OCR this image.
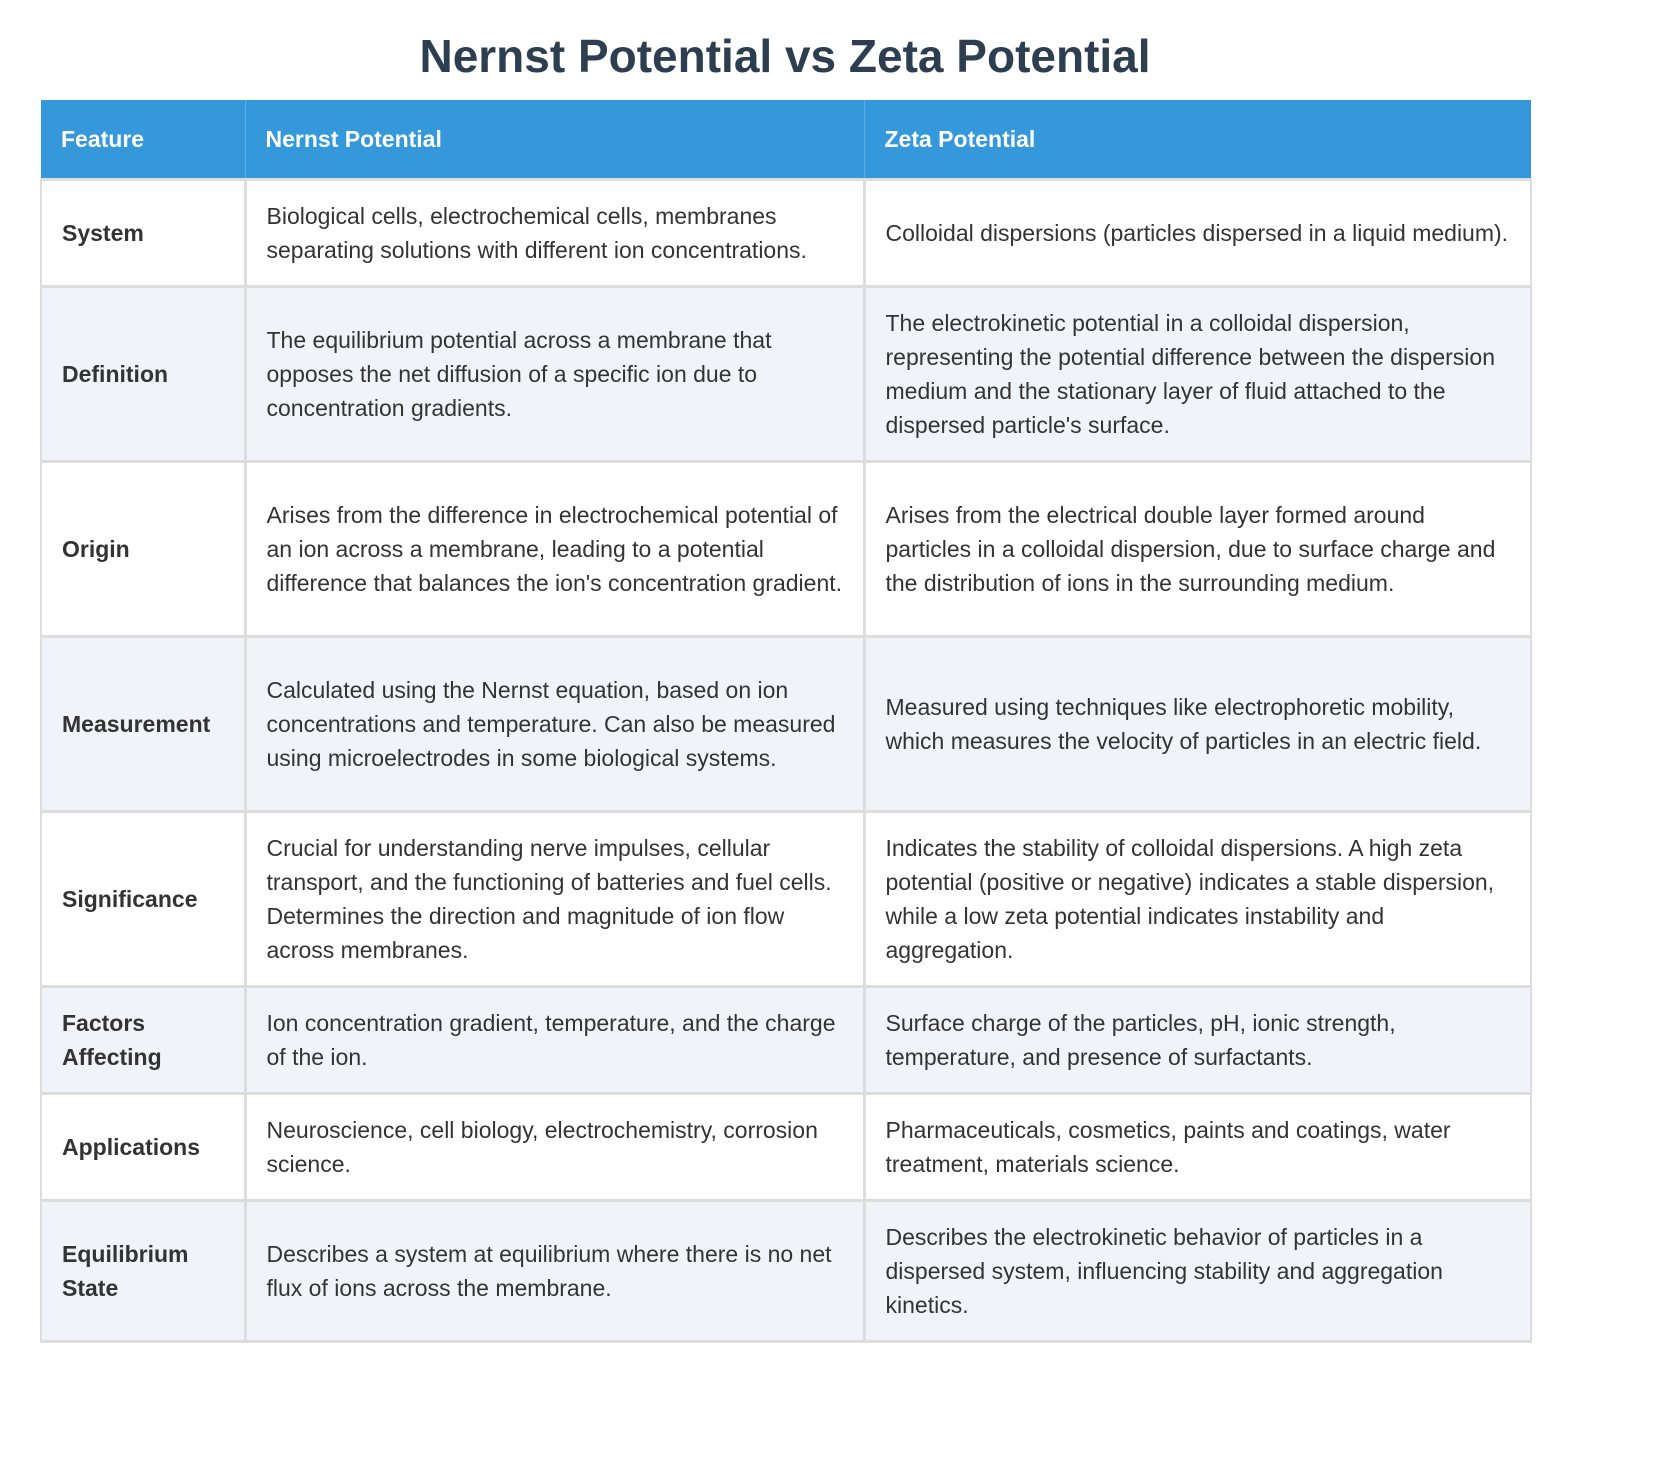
Nernst Potential vs Zeta Potential
Feature	Nernst Potential	Zeta Potential
System	Biological cells, electrochemical cells, membranes separating solutions with different ion concentrations.	Colloidal dispersions (particles dispersed in a liquid medium).
Definition	The equilibrium potential across a membrane that opposes the net diffusion of a specific ion due to concentration gradients.	The electrokinetic potential in a colloidal dispersion, representing the potential difference between the dispersion medium and the stationary layer of fluid attached to the dispersed particle's surface.
Origin	Arises from the difference in electrochemical potential of an ion across a membrane, leading to a potential difference that balances the ion's concentration gradient.	Arises from the electrical double layer formed around particles in a colloidal dispersion, due to surface charge and the distribution of ions in the surrounding medium.
Measurement	Calculated using the Nernst equation, based on ion concentrations and temperature. Can also be measured using microelectrodes in some biological systems.	Measured using techniques like electrophoretic mobility, which measures the velocity of particles in an electric field.
Significance	Crucial for understanding nerve impulses, cellular transport, and the functioning of batteries and fuel cells. Determines the direction and magnitude of ion flow across membranes.	Indicates the stability of colloidal dispersions. A high zeta potential (positive or negative) indicates a stable dispersion, while a low zeta potential indicates instability and aggregation.
Factors Affecting	Ion concentration gradient, temperature, and the charge of the ion.	Surface charge of the particles, pH, ionic strength, temperature, and presence of surfactants.
Applications	Neuroscience, cell biology, electrochemistry, corrosion science.	Pharmaceuticals, cosmetics, paints and coatings, water treatment, materials science.
Equilibrium State	Describes a system at equilibrium where there is no net flux of ions across the membrane.	Describes the electrokinetic behavior of particles in a dispersed system, influencing stability and aggregation kinetics.
